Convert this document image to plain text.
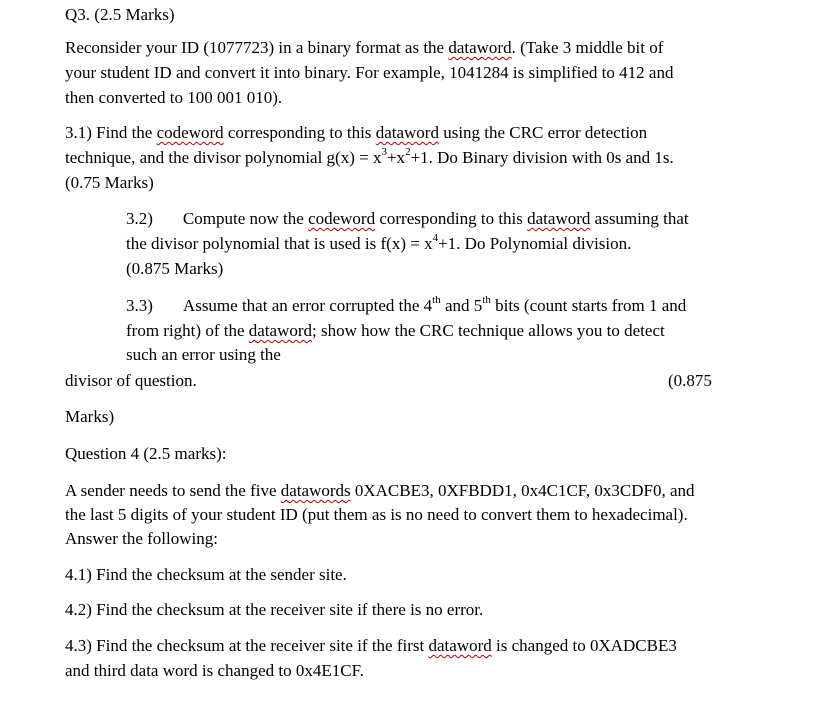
Q3. (2.5 Marks)
Reconsider your ID (1077723) in a binary format as the dataword. (Take 3 middle bit of
your student ID and convert it into binary. For example, 1041284 is simplified to 412 and
then converted to 100 001 010).
3.1) Find the codeword corresponding to this dataword using the CRC error detection
technique, and the divisor polynomial $g(x) = x^3+x^2+1$. Do Binary division with 0s and 1s.
(0.75 Marks)
3.2) Compute now the codeword corresponding to this dataword assuming that
the divisor polynomial that is used is $f(x) = x^4+1$. Do Polynomial division.
(0.875 Marks)
3.3) Assume that an error corrupted the 4th and 5th bits (count starts from 1 and
from right) of the dataword; show how the CRC technique allows you to detect
such an error using the
divisor of question.	(0.875
Marks)
Question 4 (2.5 marks):
A sender needs to send the five datawords 0XACBE3, 0XFBDD1, 0x4C1CF, 0x3CDF0, and
the last 5 digits of your student ID (put them as is no need to convert them to hexadecimal).
Answer the following:
4.1) Find the checksum at the sender site.
4.2) Find the checksum at the receiver site if there is no error.
4.3) Find the checksum at the receiver site if the first dataword is changed to 0XADCBE3
and third data word is changed to 0x4E1CF.
